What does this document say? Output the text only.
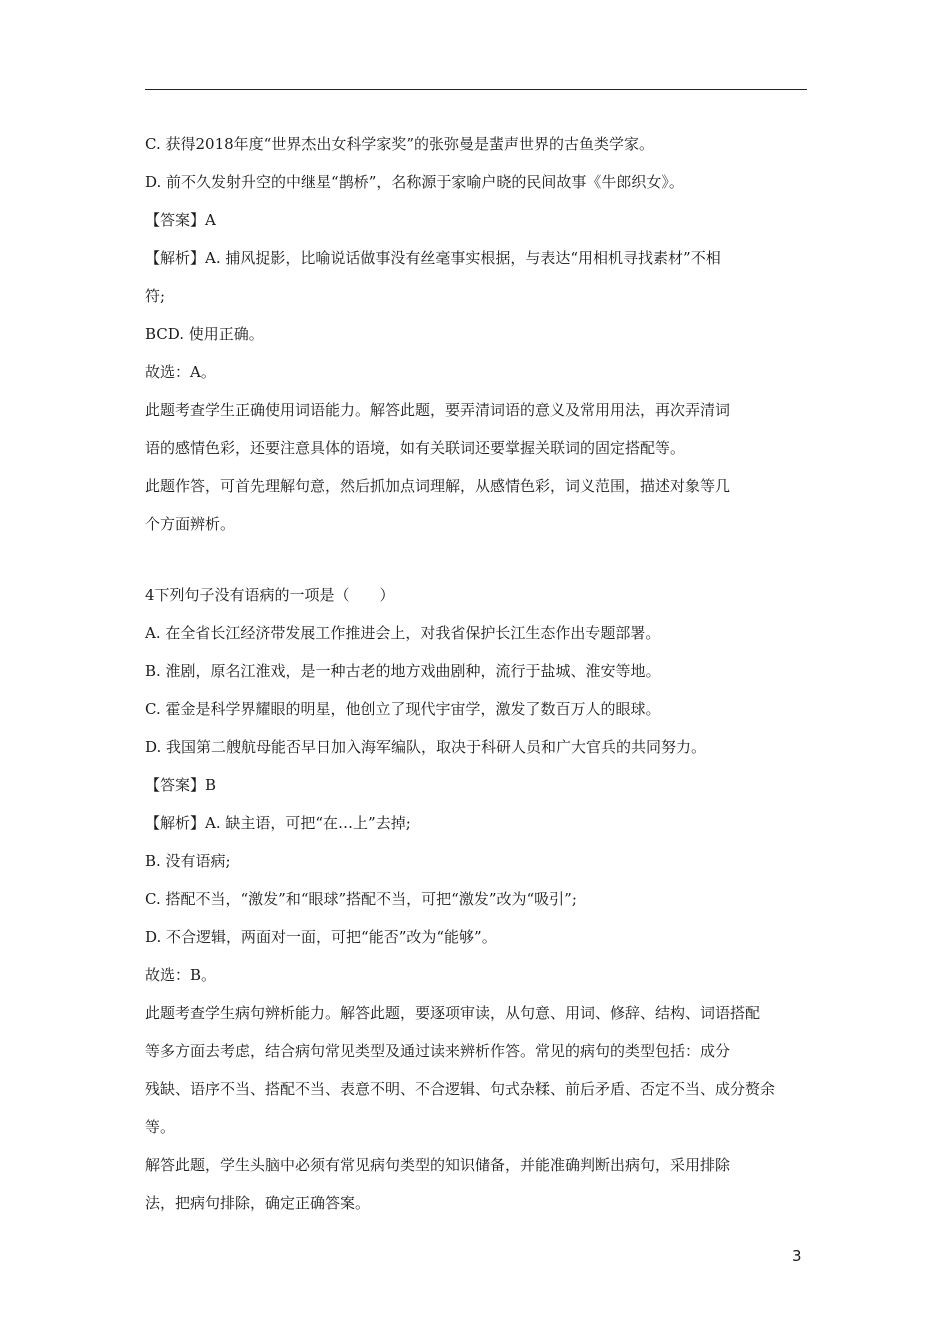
C. 获得2018年度“世界杰出女科学家奖”的张弥曼是蜚声世界的古鱼类学家。
D. 前不久发射升空的中继星“鹊桥”，名称源于家喻户晓的民间故事《牛郎织女》。
【答案】A
【解析】A. 捕风捉影，比喻说话做事没有丝毫事实根据，与表达“用相机寻找素材”不相
符;
BCD. 使用正确。
故选：A。
此题考查学生正确使用词语能力。解答此题，要弄清词语的意义及常用用法，再次弄清词
语的感情色彩，还要注意具体的语境，如有关联词还要掌握关联词的固定搭配等。
此题作答，可首先理解句意，然后抓加点词理解，从感情色彩，词义范围，描述对象等几
个方面辨析。
4下列句子没有语病的一项是（　　）
A. 在全省长江经济带发展工作推进会上，对我省保护长江生态作出专题部署。
B. 淮剧，原名江淮戏，是一种古老的地方戏曲剧种，流行于盐城、淮安等地。
C. 霍金是科学界耀眼的明星，他创立了现代宇宙学，激发了数百万人的眼球。
D. 我国第二艘航母能否早日加入海军编队，取决于科研人员和广大官兵的共同努力。
【答案】B
【解析】A. 缺主语，可把“在…上”去掉;
B. 没有语病;
C. 搭配不当，“激发”和“眼球”搭配不当，可把“激发”改为“吸引”;
D. 不合逻辑，两面对一面，可把“能否”改为“能够”。
故选：B。
此题考查学生病句辨析能力。解答此题，要逐项审读，从句意、用词、修辞、结构、词语搭配
等多方面去考虑，结合病句常见类型及通过读来辨析作答。常见的病句的类型包括：成分
残缺、语序不当、搭配不当、表意不明、不合逻辑、句式杂糅、前后矛盾、否定不当、成分赘余
等。
解答此题，学生头脑中必须有常见病句类型的知识储备，并能准确判断出病句，采用排除
法，把病句排除，确定正确答案。
3
